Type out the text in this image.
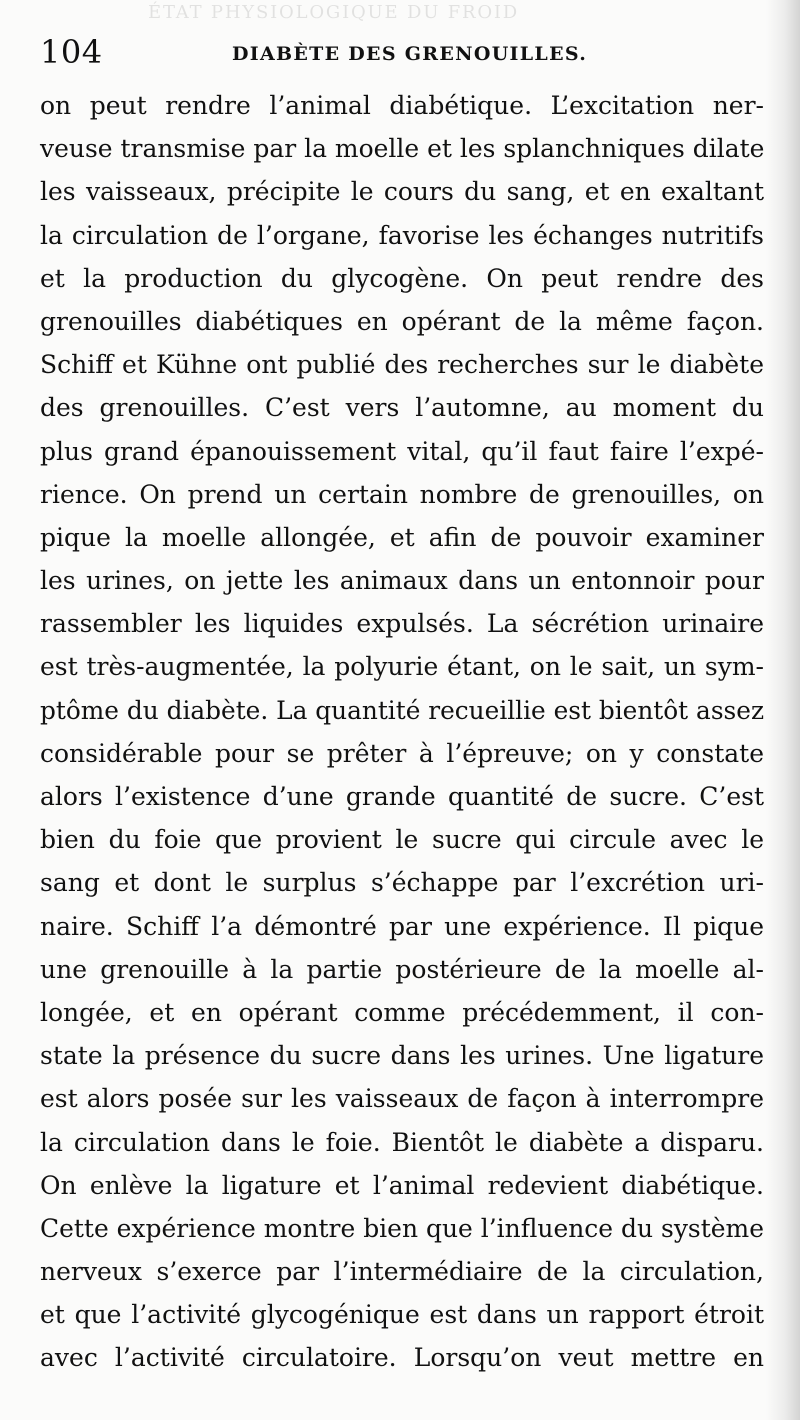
ÉTAT PHYSIOLOGIQUE DU FROID
104	DIABÈTE DES GRENOUILLES.
on peut rendre l’animal diabétique. L’excitation ner-
veuse transmise par la moelle et les splanchniques dilate
les vaisseaux, précipite le cours du sang, et en exaltant
la circulation de l’organe, favorise les échanges nutritifs
et la production du glycogène. On peut rendre des
grenouilles diabétiques en opérant de la même façon.
Schiff et Kühne ont publié des recherches sur le diabète
des grenouilles. C’est vers l’automne, au moment du
plus grand épanouissement vital, qu’il faut faire l’expé-
rience. On prend un certain nombre de grenouilles, on
pique la moelle allongée, et afin de pouvoir examiner
les urines, on jette les animaux dans un entonnoir pour
rassembler les liquides expulsés. La sécrétion urinaire
est très-augmentée, la polyurie étant, on le sait, un sym-
ptôme du diabète. La quantité recueillie est bientôt assez
considérable pour se prêter à l’épreuve; on y constate
alors l’existence d’une grande quantité de sucre. C’est
bien du foie que provient le sucre qui circule avec le
sang et dont le surplus s’échappe par l’excrétion uri-
naire. Schiff l’a démontré par une expérience. Il pique
une grenouille à la partie postérieure de la moelle al-
longée, et en opérant comme précédemment, il con-
state la présence du sucre dans les urines. Une ligature
est alors posée sur les vaisseaux de façon à interrompre
la circulation dans le foie. Bientôt le diabète a disparu.
On enlève la ligature et l’animal redevient diabétique.
Cette expérience montre bien que l’influence du système
nerveux s’exerce par l’intermédiaire de la circulation,
et que l’activité glycogénique est dans un rapport étroit
avec l’activité circulatoire. Lorsqu’on veut mettre en
